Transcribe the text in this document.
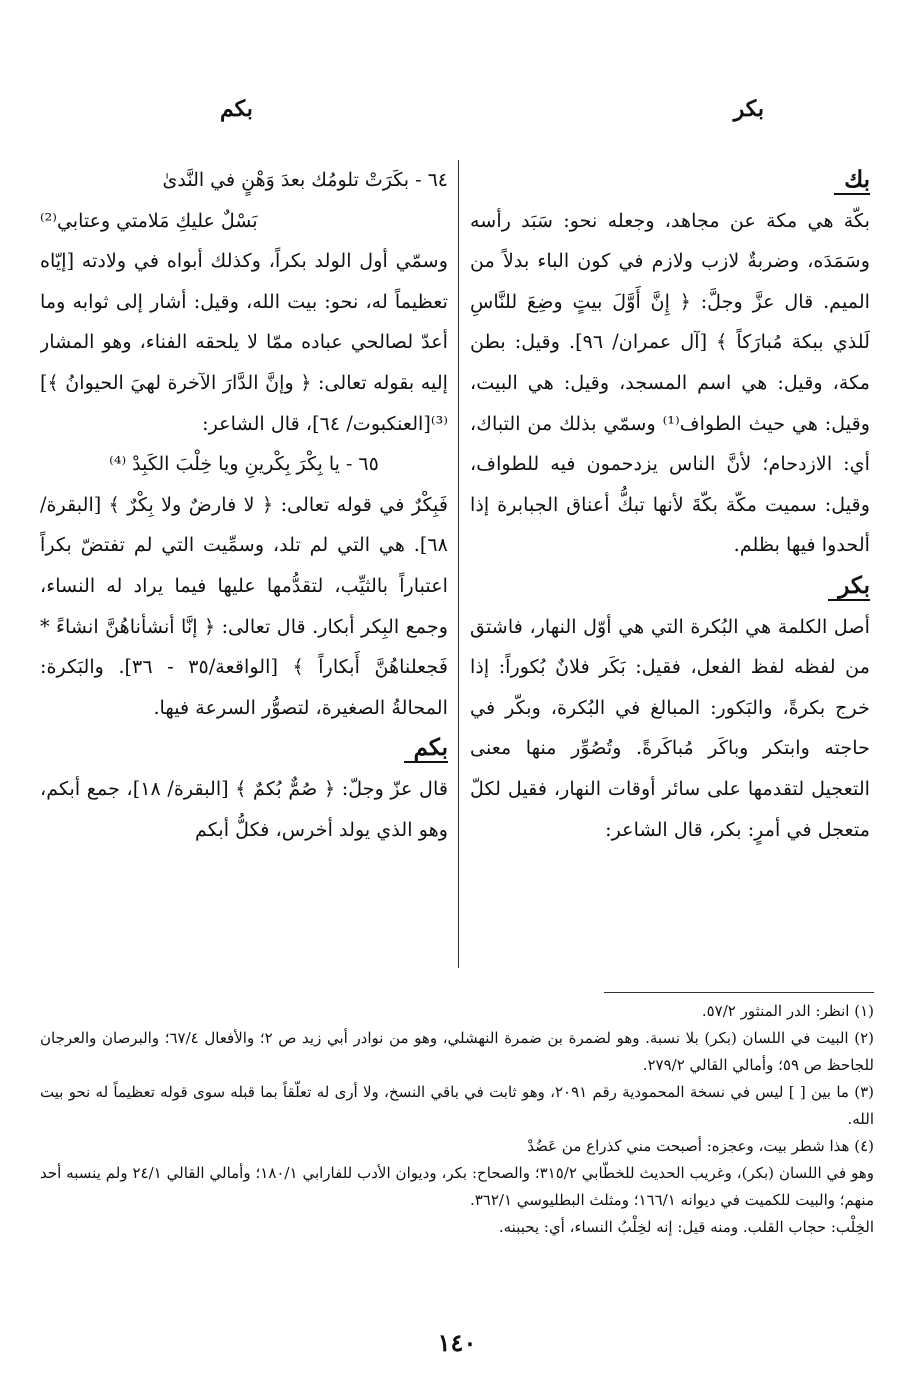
بكر
بكم
بك

بكّة هي مكة عن مجاهد، وجعله نحو: سَبَد رأسه وسَمَدَه، وضربةٌ لازب ولازم في كون الباء بدلاً من الميم. قال عزَّ وجلَّ: ﴿ إِنَّ أَوَّلَ بيتٍ وضِعَ للنَّاسِ لَلذي ببكة مُبارَكاً ﴾ [آل عمران/ ٩٦]. وقيل: بطن مكة، وقيل: هي اسم المسجد، وقيل: هي البيت، وقيل: هي حيث الطواف⁽¹⁾ وسمّي بذلك من التباك، أي: الازدحام؛ لأنَّ الناس يزدحمون فيه للطواف، وقيل: سميت مكّة بكّةَ لأنها تبكُّ أعناق الجبابرة إذا ألحدوا فيها بظلم.

بكر

أصل الكلمة هي البُكرة التي هي أوّل النهار، فاشتق من لفظه لفظ الفعل، فقيل: بَكَر فلانٌ بُكوراً: إذا خرج بكرةً، والبَكور: المبالغ في البُكرة، وبكّر في حاجته وابتكر وباكَر مُباكَرةً. وتُصُوِّر منها معنى التعجيل لتقدمها على سائر أوقات النهار، فقيل لكلّ متعجل في أمرٍ: بكر، قال الشاعر:

٦٤ - بكَرَتْ تلومُك بعدَ وَهْنٍ في النَّدىٰ

بَسْلٌ عليكِ مَلامتي وعتابي⁽²⁾

وسمّي أول الولد بكراً، وكذلك أبواه في ولادته [إيّاه تعظيماً له، نحو: بيت الله، وقيل: أشار إلى ثوابه وما أعدّ لصالحي عباده ممّا لا يلحقه الفناء، وهو المشار إليه بقوله تعالى: ﴿ وإنَّ الدَّارَ الآخرة لهيَ الحيوانُ ﴾]⁽³⁾[العنكبوت/ ٦٤]، قال الشاعر:

٦٥ - يا بِكْرَ بِكْرينِ ويا خِلْبَ الكَبِدْ ⁽⁴⁾

فَبِكْرٌ في قوله تعالى: ﴿ لا فارضٌ ولا بِكْرٌ ﴾ [البقرة/٦٨]. هي التي لم تلد، وسمِّيت التي لم تفتضّ بكراً اعتباراً بالثيِّب، لتقدُّمها عليها فيما يراد له النساء، وجمع البِكر أبكار. قال تعالى: ﴿ إنَّا أنشأناهُنَّ انشاءً * فَجعلناهُنَّ أَبكاراً ﴾ [الواقعة/٣٥ - ٣٦]. والبَكرة: المحالةُ الصغيرة، لتصوُّر السرعة فيها.

بكم

قال عزّ وجلّ: ﴿ صُمٌّ بُكمٌ ﴾ [البقرة/ ١٨]، جمع أبكم، وهو الذي يولد أخرس، فكلُّ أبكم

(١) انظر: الدر المنثور ٥٧/٢.

(٢) البيت في اللسان (بكر) بلا نسبة. وهو لضمرة بن ضمرة النهشلي، وهو من نوادر أبي زيد ص ٢؛ والأفعال ٦٧/٤؛ والبرصان والعرجان للجاحظ ص ٥٩؛ وأمالي القالي ٢٧٩/٢.

(٣) ما بين [ ] ليس في نسخة المحمودية رقم ٢٠٩١، وهو ثابت في باقي النسخ، ولا أرى له تعلّقاً بما قبله سوى قوله تعظيماً له نحو بيت الله.

(٤) هذا شطر بيت، وعجزه: أصبحت مني كذراع من عَضُدْ

وهو في اللسان (بكر)، وغريب الحديث للخطّابي ٣١٥/٢؛ والصحاح: بكر، وديوان الأدب للفارابي ١٨٠/١؛ وأمالي القالي ٢٤/١ ولم ينسبه أحد منهم؛ والبيت للكميت في ديوانه ١٦٦/١؛ ومثلث البطليوسي ٣٦٢/١.

الخِلْب: حجاب القلب. ومنه قيل: إنه لخِلْبُ النساء، أي: يحببنه.

١٤٠
